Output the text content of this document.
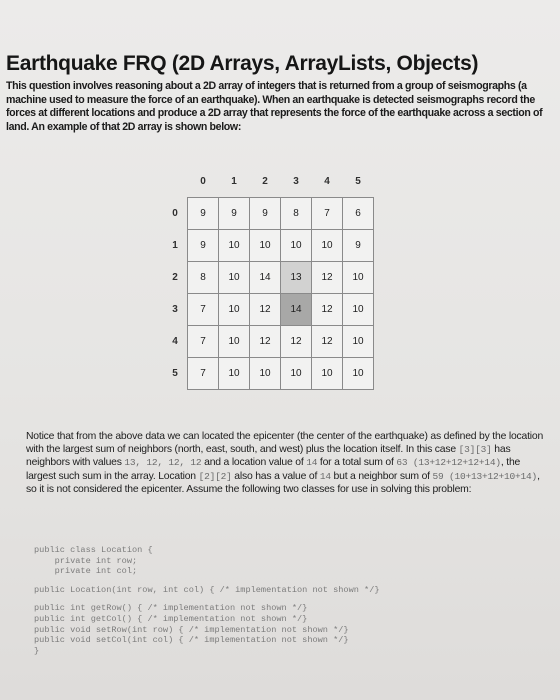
Earthquake FRQ (2D Arrays, ArrayLists, Objects)
This question involves reasoning about a 2D array of integers that is returned from a group of seismographs (a machine used to measure the force of an earthquake). When an earthquake is detected seismographs record the forces at different locations and produce a 2D array that represents the force of the earthquake across a section of land. An example of that 2D array is shown below:
	0	1	2	3	4	5
0	9	9	9	8	7	6
1	9	10	10	10	10	9
2	8	10	14	13	12	10
3	7	10	12	14	12	10
4	7	10	12	12	12	10
5	7	10	10	10	10	10
Notice that from the above data we can located the epicenter (the center of the earthquake) as defined by the location with the largest sum of neighbors (north, east, south, and west) plus the location itself. In this case [3][3] has neighbors with values 13, 12, 12, 12 and a location value of 14 for a total sum of 63 (13+12+12+12+14), the largest such sum in the array. Location [2][2] also has a value of 14 but a neighbor sum of 59 (10+13+12+10+14), so it is not considered the epicenter. Assume the following two classes for use in solving this problem:
public class Location {
private int row;
private int col;
public Location(int row, int col) { /* implementation not shown */}
public int getRow() { /* implementation not shown */}
public int getCol() { /* implementation not shown */}
public void setRow(int row) { /* implementation not shown */}
public void setCol(int col) { /* implementation not shown */}
}
